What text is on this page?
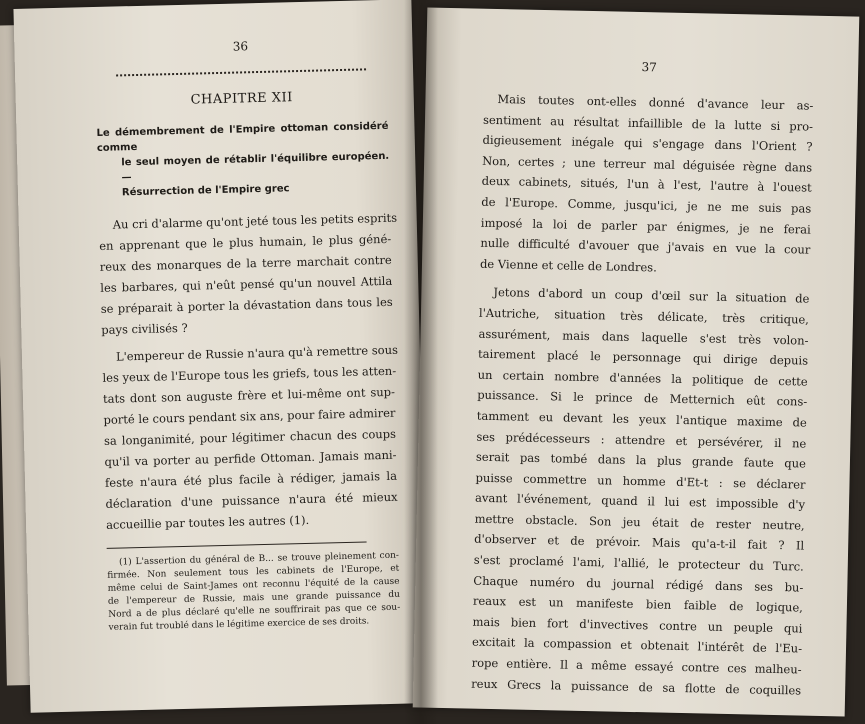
36
CHAPITRE XII
Le démembrement de l'Empire ottoman considéré comme
le seul moyen de rétablir l'équilibre européen. —
Résurrection de l'Empire grec
Au cri d'alarme qu'ont jeté tous les petits esprits
en apprenant que le plus humain, le plus géné-
reux des monarques de la terre marchait contre
les barbares, qui n'eût pensé qu'un nouvel Attila
se préparait à porter la dévastation dans tous les
pays civilisés ?
L'empereur de Russie n'aura qu'à remettre sous
les yeux de l'Europe tous les griefs, tous les atten-
tats dont son auguste frère et lui-même ont sup-
porté le cours pendant six ans, pour faire admirer
sa longanimité, pour légitimer chacun des coups
qu'il va porter au perfide Ottoman. Jamais mani-
feste n'aura été plus facile à rédiger, jamais la
déclaration d'une puissance n'aura été mieux
accueillie par toutes les autres (1).
(1) L'assertion du général de B... se trouve pleinement con-
firmée. Non seulement tous les cabinets de l'Europe, et
même celui de Saint-James ont reconnu l'équité de la cause
de l'empereur de Russie, mais une grande puissance du
Nord a de plus déclaré qu'elle ne souffrirait pas que ce sou-
verain fut troublé dans le légitime exercice de ses droits.
37
Mais toutes ont-elles donné d'avance leur as-
sentiment au résultat infaillible de la lutte si pro-
digieusement inégale qui s'engage dans l'Orient ?
Non, certes ; une terreur mal déguisée règne dans
deux cabinets, situés, l'un à l'est, l'autre à l'ouest
de l'Europe. Comme, jusqu'ici, je ne me suis pas
imposé la loi de parler par énigmes, je ne ferai
nulle difficulté d'avouer que j'avais en vue la cour
de Vienne et celle de Londres.
Jetons d'abord un coup d'œil sur la situation de
l'Autriche, situation très délicate, très critique,
assurément, mais dans laquelle s'est très volon-
tairement placé le personnage qui dirige depuis
un certain nombre d'années la politique de cette
puissance. Si le prince de Metternich eût cons-
tamment eu devant les yeux l'antique maxime de
ses prédécesseurs : attendre et persévérer, il ne
serait pas tombé dans la plus grande faute que
puisse commettre un homme d'Et-t : se déclarer
avant l'événement, quand il lui est impossible d'y
mettre obstacle. Son jeu était de rester neutre,
d'observer et de prévoir. Mais qu'a-t-il fait ? Il
s'est proclamé l'ami, l'allié, le protecteur du Turc.
Chaque numéro du journal rédigé dans ses bu-
reaux est un manifeste bien faible de logique,
mais bien fort d'invectives contre un peuple qui
excitait la compassion et obtenait l'intérêt de l'Eu-
rope entière. Il a même essayé contre ces malheu-
reux Grecs la puissance de sa flotte de coquilles
